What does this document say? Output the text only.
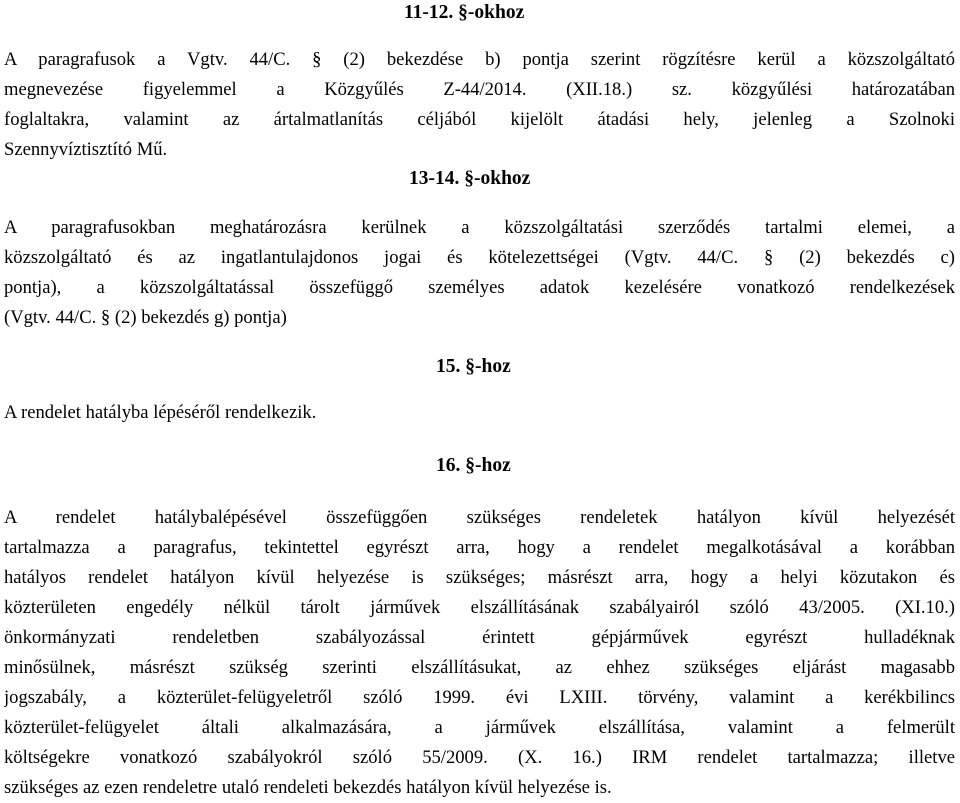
11-12. §-okhoz
A paragrafusok a Vgtv. 44/C. § (2) bekezdése b) pontja szerint rögzítésre kerül a közszolgáltató
megnevezése figyelemmel a Közgyűlés Z-44/2014. (XII.18.) sz. közgyűlési határozatában
foglaltakra, valamint az ártalmatlanítás céljából kijelölt átadási hely, jelenleg a Szolnoki
Szennyvíztisztító Mű.
13-14. §-okhoz
A paragrafusokban meghatározásra kerülnek a közszolgáltatási szerződés tartalmi elemei, a
közszolgáltató és az ingatlantulajdonos jogai és kötelezettségei (Vgtv. 44/C. § (2) bekezdés c)
pontja), a közszolgáltatással összefüggő személyes adatok kezelésére vonatkozó rendelkezések
(Vgtv. 44/C. § (2) bekezdés g) pontja)
15. §-hoz
A rendelet hatályba lépéséről rendelkezik.
16. §-hoz
A rendelet hatálybalépésével összefüggően szükséges rendeletek hatályon kívül helyezését
tartalmazza a paragrafus, tekintettel egyrészt arra, hogy a rendelet megalkotásával a korábban
hatályos rendelet hatályon kívül helyezése is szükséges; másrészt arra, hogy a helyi közutakon és
közterületen engedély nélkül tárolt járművek elszállításának szabályairól szóló 43/2005. (XI.10.)
önkormányzati rendeletben szabályozással érintett gépjárművek egyrészt hulladéknak
minősülnek, másrészt szükség szerinti elszállításukat, az ehhez szükséges eljárást magasabb
jogszabály, a közterület-felügyeletről szóló 1999. évi LXIII. törvény, valamint a kerékbilincs
közterület-felügyelet általi alkalmazására, a járművek elszállítása, valamint a felmerült
költségekre vonatkozó szabályokról szóló 55/2009. (X. 16.) IRM rendelet tartalmazza; illetve
szükséges az ezen rendeletre utaló rendeleti bekezdés hatályon kívül helyezése is.
